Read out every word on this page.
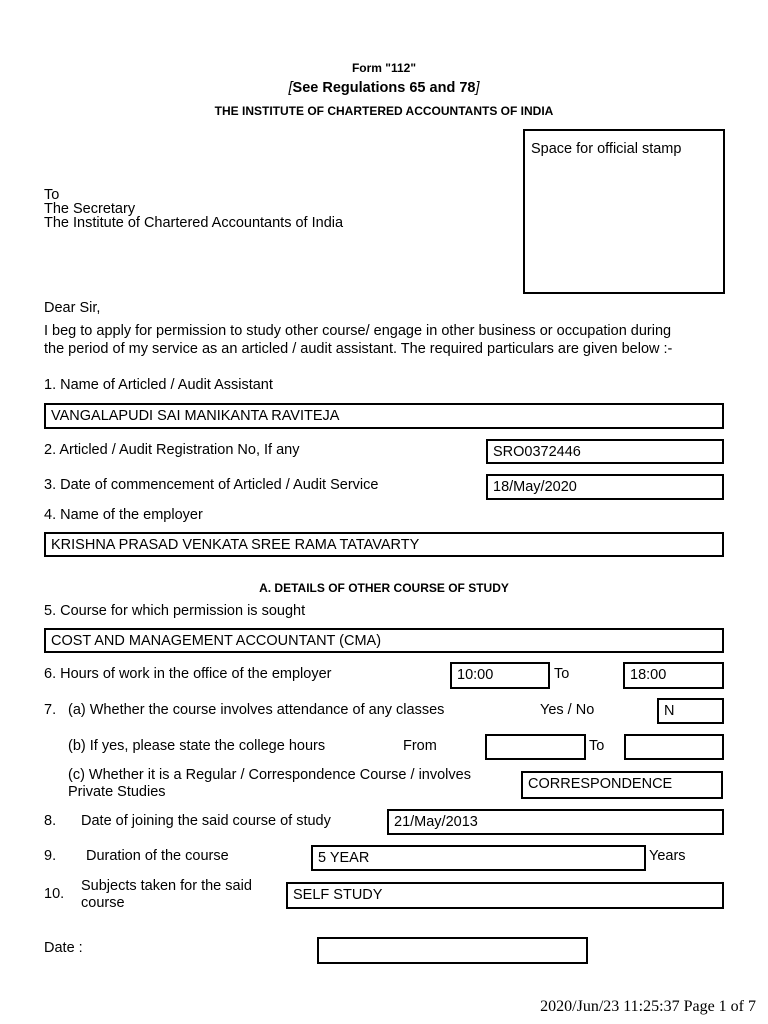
Form "112"
[See Regulations 65 and 78]
THE INSTITUTE OF CHARTERED ACCOUNTANTS OF INDIA
Space for official stamp
To
The Secretary
The Institute of Chartered Accountants of India
Dear Sir,
I beg to apply for permission to study other course/ engage in other business or occupation during
the period of my service as an articled / audit assistant. The required particulars are given below :-
1. Name of Articled / Audit Assistant
VANGALAPUDI SAI MANIKANTA RAVITEJA
2. Articled / Audit Registration No, If any	SRO0372446
3. Date of commencement of Articled / Audit Service	18/May/2020
4. Name of the employer
KRISHNA PRASAD VENKATA SREE RAMA TATAVARTY
A. DETAILS OF OTHER COURSE OF STUDY
5. Course for which permission is sought
COST AND MANAGEMENT ACCOUNTANT (CMA)
6. Hours of work in the office of the employer	10:00	To	18:00
7. (a) Whether the course involves attendance of any classes	Yes / No	N
(b) If yes, please state the college hours	From	To
(c) Whether it is a Regular / Correspondence Course / involves
Private Studies	CORRESPONDENCE
8. Date of joining the said course of study	21/May/2013
9. Duration of the course	5 YEAR	Years
10. Subjects taken for the said
course	SELF STUDY
Date :
2020/Jun/23 11:25:37 Page 1 of 7
